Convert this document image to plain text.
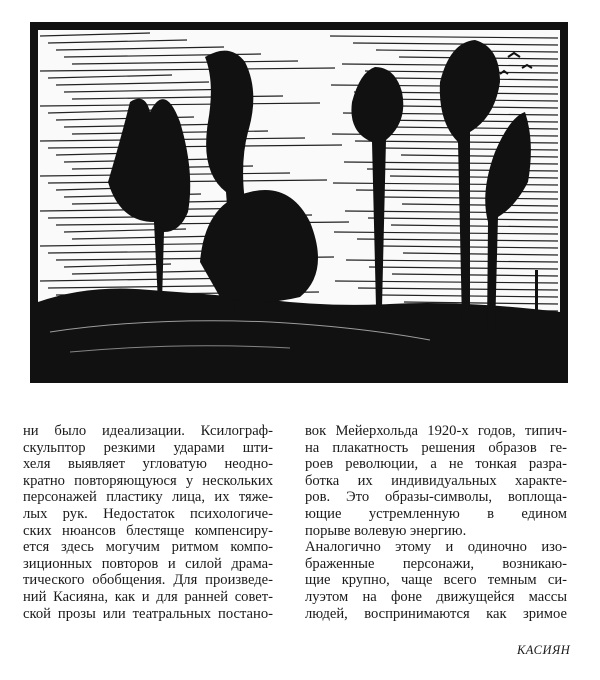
ни было идеализации. Ксилограф-
скульптор резкими ударами шти-
хеля выявляет угловатую неодно-
кратно повторяющуюся у нескольких
персонажей пластику лица, их тяже-
лых рук. Недостаток психологиче-
ских нюансов блестяще компенсиру-
ется здесь могучим ритмом компо-
зиционных повторов и силой драма-
тического обобщения. Для произведе-
ний Касияна, как и для ранней совет-
ской прозы или театральных постано-
вок Мейерхольда 1920-х годов, типич-
на плакатность решения образов ге-
роев революции, а не тонкая разра-
ботка их индивидуальных характе-
ров. Это образы-символы, воплоща-
ющие устремленную в едином
порыве волевую энергию.
Аналогично этому и одиночно изо-
браженные персонажи, возникаю-
щие крупно, чаще всего темным си-
луэтом на фоне движущейся массы
людей, воспринимаются как зримое
КАСИЯН
